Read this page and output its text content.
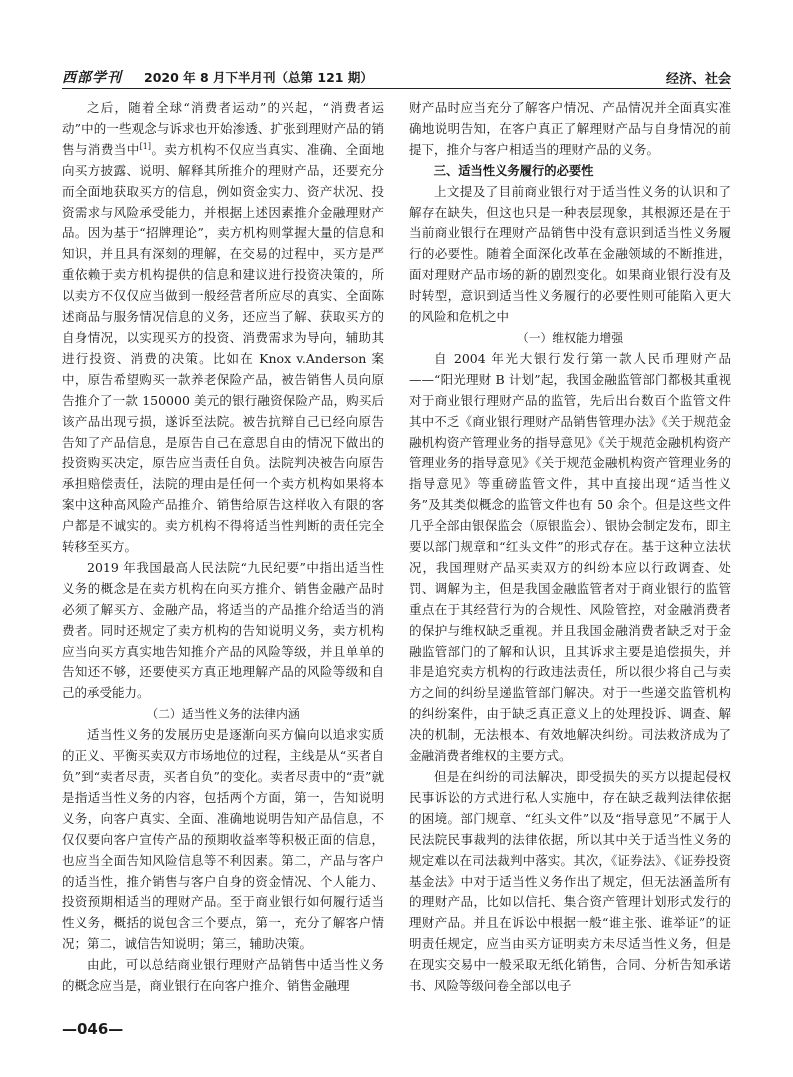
西部学刊 2020 年 8 月下半月刊（总第 121 期）	经济、社会

之后，随着全球“消费者运动”的兴起，“消费者运动”中的一些观念与诉求也开始渗透、扩张到理财产品的销售与消费当中[1]。卖方机构不仅应当真实、准确、全面地向买方披露、说明、解释其所推介的理财产品，还要充分而全面地获取买方的信息，例如资金实力、资产状况、投资需求与风险承受能力，并根据上述因素推介金融理财产品。因为基于“招牌理论”，卖方机构则掌握大量的信息和知识，并且具有深刻的理解，在交易的过程中，买方是严重依赖于卖方机构提供的信息和建议进行投资决策的，所以卖方不仅仅应当做到一般经营者所应尽的真实、全面陈述商品与服务情况信息的义务，还应当了解、获取买方的自身情况，以实现买方的投资、消费需求为导向，辅助其进行投资、消费的决策。比如在 Knox v.Anderson 案中，原告希望购买一款养老保险产品，被告销售人员向原告推介了一款 150000 美元的银行融资保险产品，购买后该产品出现亏损，遂诉至法院。被告抗辩自己已经向原告告知了产品信息，是原告自己在意思自由的情况下做出的投资购买决定，原告应当责任自负。法院判决被告向原告承担赔偿责任，法院的理由是任何一个卖方机构如果将本案中这种高风险产品推介、销售给原告这样收入有限的客户都是不诚实的。卖方机构不得将适当性判断的责任完全转移至买方。

2019 年我国最高人民法院“九民纪要”中指出适当性义务的概念是在卖方机构在向买方推介、销售金融产品时必须了解买方、金融产品，将适当的产品推介给适当的消费者。同时还规定了卖方机构的告知说明义务，卖方机构应当向买方真实地告知推介产品的风险等级，并且单单的告知还不够，还要使买方真正地理解产品的风险等级和自己的承受能力。

（二）适当性义务的法律内涵

适当性义务的发展历史是逐渐向买方偏向以追求实质的正义、平衡买卖双方市场地位的过程，主线是从“买者自负”到“卖者尽责，买者自负”的变化。卖者尽责中的“责”就是指适当性义务的内容，包括两个方面，第一，告知说明义务，向客户真实、全面、准确地说明告知产品信息，不仅仅要向客户宣传产品的预期收益率等积极正面的信息，也应当全面告知风险信息等不利因素。第二，产品与客户的适当性，推介销售与客户自身的资金情况、个人能力、投资预期相适当的理财产品。至于商业银行如何履行适当性义务，概括的说包含三个要点，第一，充分了解客户情况；第二，诚信告知说明；第三，辅助决策。

由此，可以总结商业银行理财产品销售中适当性义务的概念应当是，商业银行在向客户推介、销售金融理

财产品时应当充分了解客户情况、产品情况并全面真实准确地说明告知，在客户真正了解理财产品与自身情况的前提下，推介与客户相适当的理财产品的义务。

三、适当性义务履行的必要性

上文提及了目前商业银行对于适当性义务的认识和了解存在缺失，但这也只是一种表层现象，其根源还是在于当前商业银行在理财产品销售中没有意识到适当性义务履行的必要性。随着全面深化改革在金融领域的不断推进，面对理财产品市场的新的剧烈变化。如果商业银行没有及时转型，意识到适当性义务履行的必要性则可能陷入更大的风险和危机之中

（一）维权能力增强

自 2004 年光大银行发行第一款人民币理财产品——“阳光理财 B 计划”起，我国金融监管部门都极其重视对于商业银行理财产品的监管，先后出台数百个监管文件其中不乏《商业银行理财产品销售管理办法》《关于规范金融机构资产管理业务的指导意见》《关于规范金融机构资产管理业务的指导意见》《关于规范金融机构资产管理业务的指导意见》等重磅监管文件，其中直接出现“适当性义务”及其类似概念的监管文件也有 50 余个。但是这些文件几乎全部由银保监会（原银监会）、银协会制定发布，即主要以部门规章和“红头文件”的形式存在。基于这种立法状况，我国理财产品买卖双方的纠纷本应以行政调查、处罚、调解为主，但是我国金融监管者对于商业银行的监管重点在于其经营行为的合规性、风险管控，对金融消费者的保护与维权缺乏重视。并且我国金融消费者缺乏对于金融监管部门的了解和认识，且其诉求主要是追偿损失，并非是追究卖方机构的行政违法责任，所以很少将自己与卖方之间的纠纷呈递监管部门解决。对于一些递交监管机构的纠纷案件，由于缺乏真正意义上的处理投诉、调查、解决的机制，无法根本、有效地解决纠纷。司法救济成为了金融消费者维权的主要方式。

但是在纠纷的司法解决，即受损失的买方以提起侵权民事诉讼的方式进行私人实施中，存在缺乏裁判法律依据的困境。部门规章、“红头文件”以及“指导意见”不属于人民法院民事裁判的法律依据，所以其中关于适当性义务的规定难以在司法裁判中落实。其次，《证券法》、《证券投资基金法》中对于适当性义务作出了规定，但无法涵盖所有的理财产品，比如以信托、集合资产管理计划形式发行的理财产品。并且在诉讼中根据一般“谁主张、谁举证”的证明责任规定，应当由买方证明卖方未尽适当性义务，但是在现实交易中一般采取无纸化销售，合同、分析告知承诺书、风险等级问卷全部以电子

—046—
